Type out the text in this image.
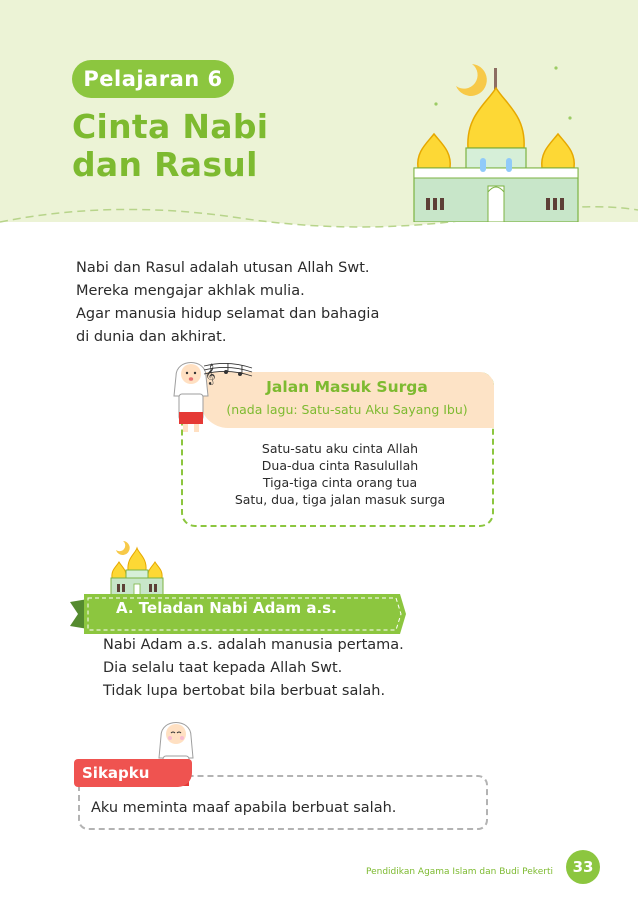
Pelajaran 6
Cinta Nabi
dan Rasul

Nabi dan Rasul adalah utusan Allah Swt.

Mereka mengajar akhlak mulia.

Agar manusia hidup selamat dan bahagia

di dunia dan akhirat.

Jalan Masuk Surga
(nada lagu: Satu-satu Aku Sayang Ibu)

Satu-satu aku cinta Allah

Dua-dua cinta Rasulullah

Tiga-tiga cinta orang tua

Satu, dua, tiga jalan masuk surga

𝄞
A. Teladan Nabi Adam a.s.

Nabi Adam a.s. adalah manusia pertama.

Dia selalu taat kepada Allah Swt.

Tidak lupa bertobat bila berbuat salah.

Sikapku
Aku meminta maaf apabila berbuat salah.
Pendidikan Agama Islam dan Budi Pekerti	33
